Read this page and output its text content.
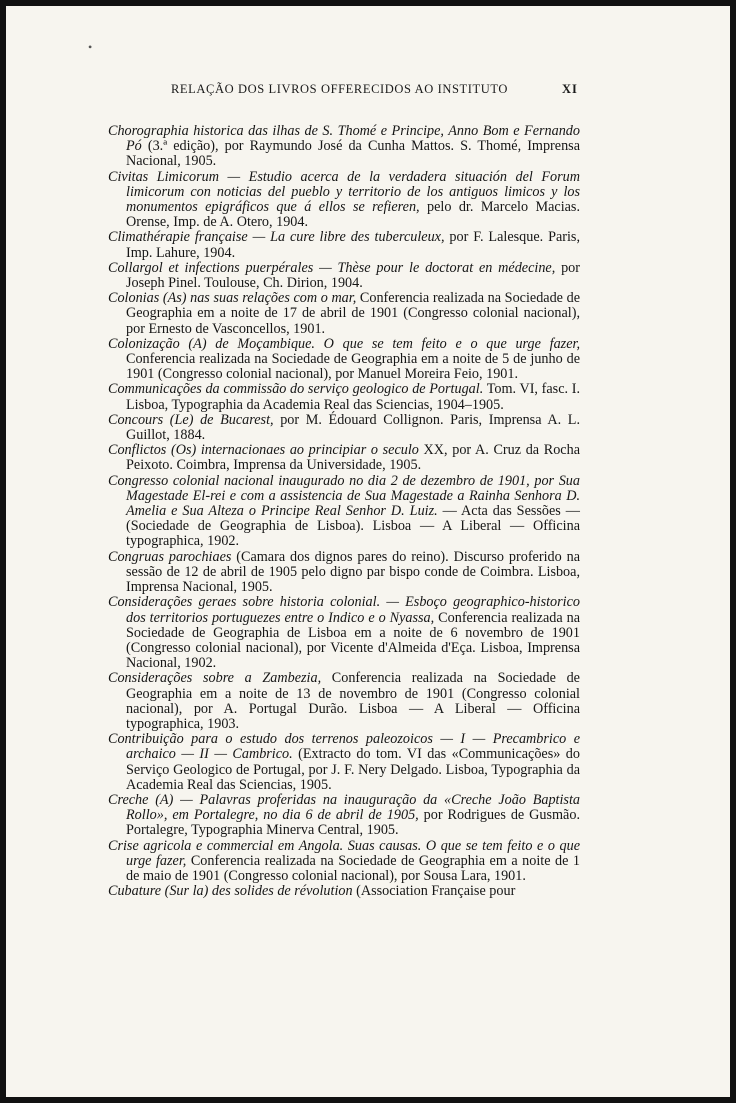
•
RELAÇÃO DOS LIVROS OFFERECIDOS AO INSTITUTO	XI

Chorographia historica das ilhas de S. Thomé e Principe, Anno Bom e Fernando Pó (3.ª edição), por Raymundo José da Cunha Mattos. S. Thomé, Imprensa Nacional, 1905.

Civitas Limicorum — Estudio acerca de la verdadera situación del Forum limicorum con noticias del pueblo y territorio de los antiguos limicos y los monumentos epigráficos que á ellos se refieren, pelo dr. Marcelo Macias. Orense, Imp. de A. Otero, 1904.

Climathérapie française — La cure libre des tuberculeux, por F. Lalesque. Paris, Imp. Lahure, 1904.

Collargol et infections puerpérales — Thèse pour le doctorat en médecine, por Joseph Pinel. Toulouse, Ch. Dirion, 1904.

Colonias (As) nas suas relações com o mar, Conferencia realizada na Sociedade de Geographia em a noite de 17 de abril de 1901 (Congresso colonial nacional), por Ernesto de Vasconcellos, 1901.

Colonização (A) de Moçambique. O que se tem feito e o que urge fazer, Conferencia realizada na Sociedade de Geographia em a noite de 5 de junho de 1901 (Congresso colonial nacional), por Manuel Moreira Feio, 1901.

Communicações da commissão do serviço geologico de Portugal. Tom. VI, fasc. I. Lisboa, Typographia da Academia Real das Sciencias, 1904–1905.

Concours (Le) de Bucarest, por M. Édouard Collignon. Paris, Imprensa A. L. Guillot, 1884.

Conflictos (Os) internacionaes ao principiar o seculo XX, por A. Cruz da Rocha Peixoto. Coimbra, Imprensa da Universidade, 1905.

Congresso colonial nacional inaugurado no dia 2 de dezembro de 1901, por Sua Magestade El-rei e com a assistencia de Sua Magestade a Rainha Senhora D. Amelia e Sua Alteza o Principe Real Senhor D. Luiz. — Acta das Sessões — (Sociedade de Geographia de Lisboa). Lisboa — A Liberal — Officina typographica, 1902.

Congruas parochiaes (Camara dos dignos pares do reino). Discurso proferido na sessão de 12 de abril de 1905 pelo digno par bispo conde de Coimbra. Lisboa, Imprensa Nacional, 1905.

Considerações geraes sobre historia colonial. — Esboço geographico-historico dos territorios portuguezes entre o Indico e o Nyassa, Conferencia realizada na Sociedade de Geographia de Lisboa em a noite de 6 novembro de 1901 (Congresso colonial nacional), por Vicente d'Almeida d'Eça. Lisboa, Imprensa Nacional, 1902.

Considerações sobre a Zambezia, Conferencia realizada na Sociedade de Geographia em a noite de 13 de novembro de 1901 (Congresso colonial nacional), por A. Portugal Durão. Lisboa — A Liberal — Officina typographica, 1903.

Contribuição para o estudo dos terrenos paleozoicos — I — Precambrico e archaico — II — Cambrico. (Extracto do tom. VI das «Communicações» do Serviço Geologico de Portugal, por J. F. Nery Delgado. Lisboa, Typographia da Academia Real das Sciencias, 1905.

Creche (A) — Palavras proferidas na inauguração da «Creche João Baptista Rollo», em Portalegre, no dia 6 de abril de 1905, por Rodrigues de Gusmão. Portalegre, Typographia Minerva Central, 1905.

Crise agricola e commercial em Angola. Suas causas. O que se tem feito e o que urge fazer, Conferencia realizada na Sociedade de Geographia em a noite de 1 de maio de 1901 (Congresso colonial nacional), por Sousa Lara, 1901.

Cubature (Sur la) des solides de révolution (Association Française pour
